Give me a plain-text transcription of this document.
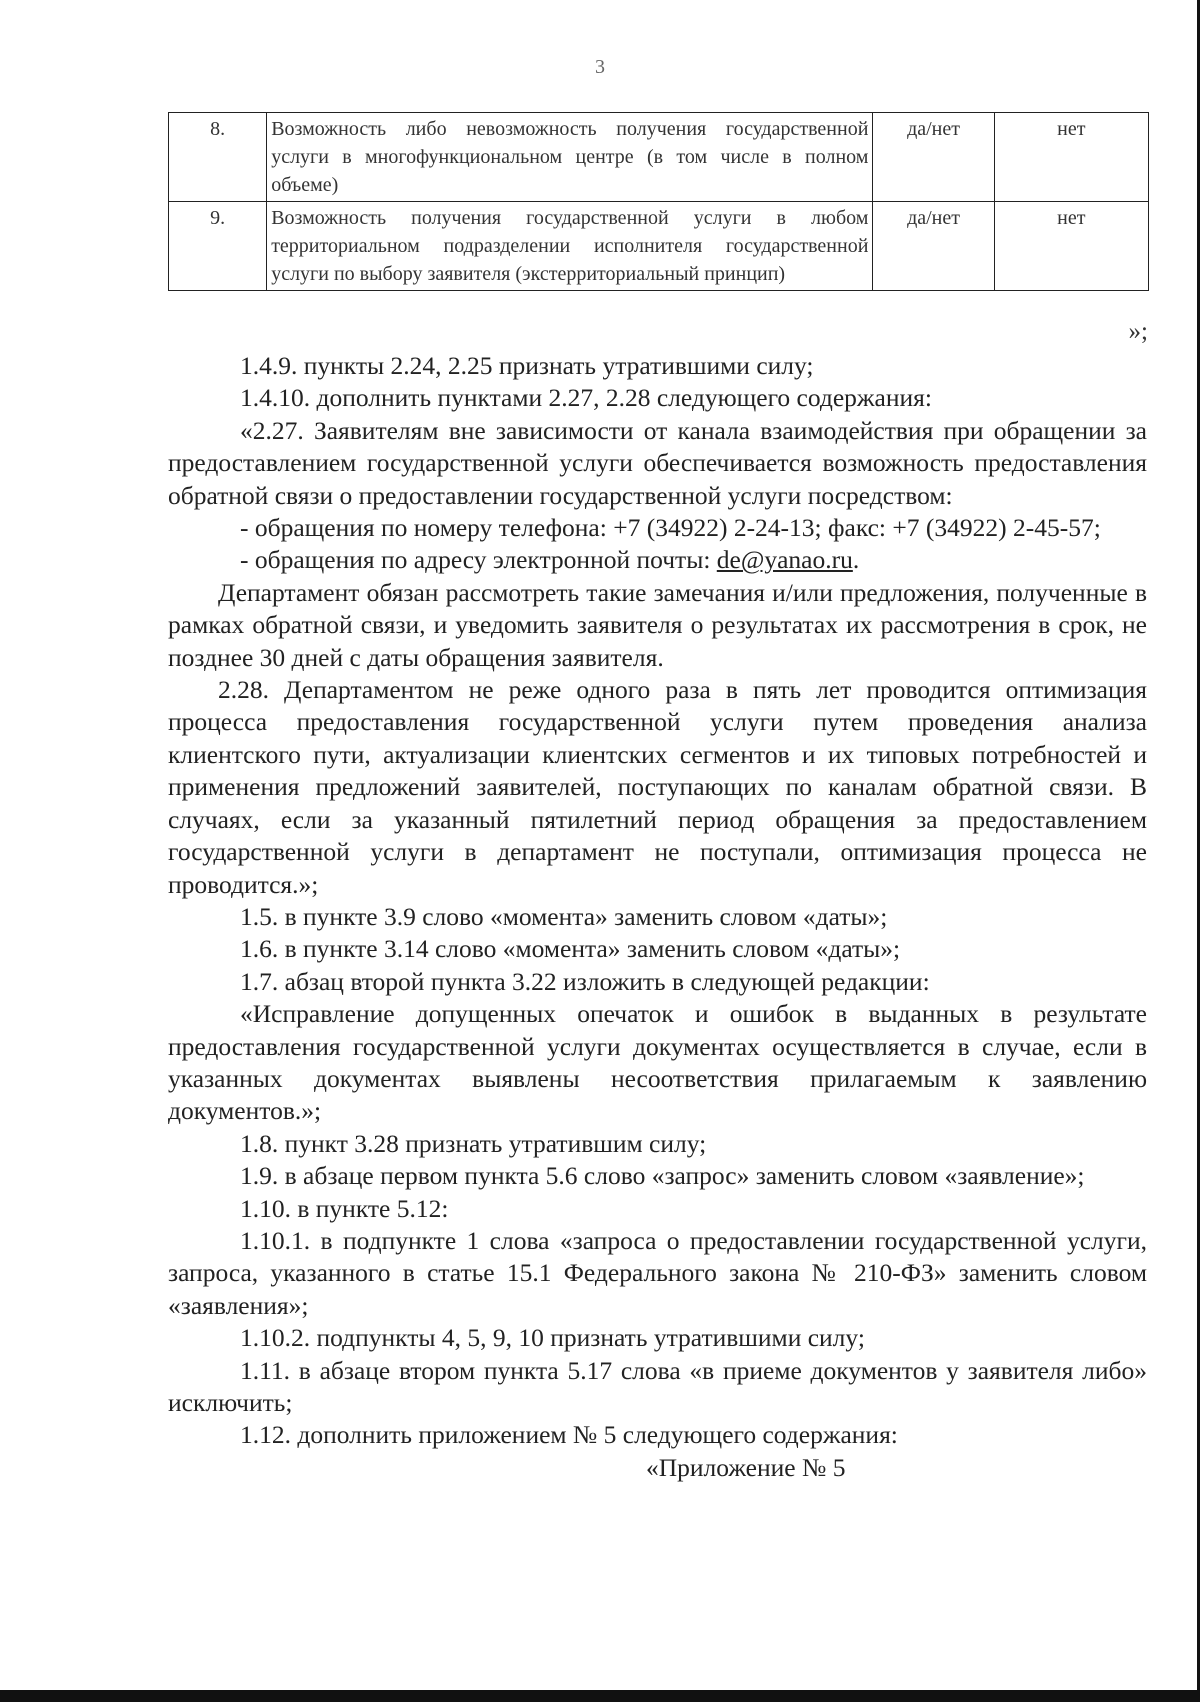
3
8.	Возможность либо невозможность получения государственной услуги в многофункциональном центре (в том числе в полном объеме)	да/нет	нет
9.	Возможность получения государственной услуги в любом территориальном подразделении исполнителя государственной услуги по выбору заявителя (экстерриториальный принцип)	да/нет	нет
»;

1.4.9. пункты 2.24, 2.25 признать утратившими силу;

1.4.10. дополнить пунктами 2.27, 2.28 следующего содержания:

«2.27. Заявителям вне зависимости от канала взаимодействия при обращении за предоставлением государственной услуги обеспечивается возможность предоставления обратной связи о предоставлении государственной услуги посредством:

- обращения по номеру телефона: +7 (34922) 2-24-13; факс: +7 (34922) 2-45-57;

- обращения по адресу электронной почты: de@yanao.ru.

Департамент обязан рассмотреть такие замечания и/или предложения, полученные в рамках обратной связи, и уведомить заявителя о результатах их рассмотрения в срок, не позднее 30 дней с даты обращения заявителя.

2.28. Департаментом не реже одного раза в пять лет проводится оптимизация процесса предоставления государственной услуги путем проведения анализа клиентского пути, актуализации клиентских сегментов и их типовых потребностей и применения предложений заявителей, поступающих по каналам обратной связи. В случаях, если за указанный пятилетний период обращения за предоставлением государственной услуги в департамент не поступали, оптимизация процесса не проводится.»;

1.5. в пункте 3.9 слово «момента» заменить словом «даты»;

1.6. в пункте 3.14 слово «момента» заменить словом «даты»;

1.7. абзац второй пункта 3.22 изложить в следующей редакции:

«Исправление допущенных опечаток и ошибок в выданных в результате предоставления государственной услуги документах осуществляется в случае, если в указанных документах выявлены несоответствия прилагаемым к заявлению документов.»;

1.8. пункт 3.28 признать утратившим силу;

1.9. в абзаце первом пункта 5.6 слово «запрос» заменить словом «заявление»;

1.10. в пункте 5.12:

1.10.1. в подпункте 1 слова «запроса о предоставлении государственной услуги, запроса, указанного в статье 15.1 Федерального закона № 210-ФЗ» заменить словом «заявления»;

1.10.2. подпункты 4, 5, 9, 10 признать утратившими силу;

1.11. в абзаце втором пункта 5.17 слова «в приеме документов у заявителя либо» исключить;

1.12. дополнить приложением № 5 следующего содержания:

«Приложение № 5
